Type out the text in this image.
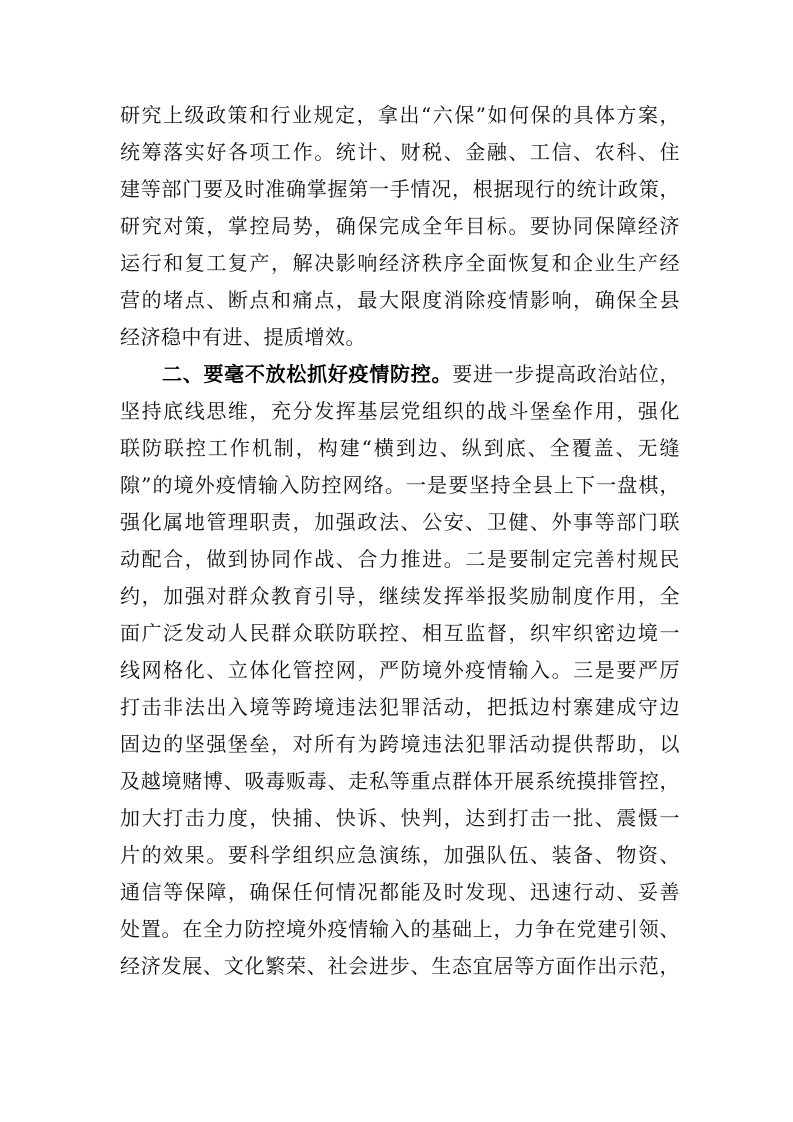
研究上级政策和行业规定，拿出“六保”如何保的具体方案，
统筹落实好各项工作。统计、财税、金融、工信、农科、住
建等部门要及时准确掌握第一手情况，根据现行的统计政策，
研究对策，掌控局势，确保完成全年目标。要协同保障经济
运行和复工复产，解决影响经济秩序全面恢复和企业生产经
营的堵点、断点和痛点，最大限度消除疫情影响，确保全县
经济稳中有进、提质增效。
二、要毫不放松抓好疫情防控。要进一步提高政治站位，
坚持底线思维，充分发挥基层党组织的战斗堡垒作用，强化
联防联控工作机制，构建“横到边、纵到底、全覆盖、无缝
隙”的境外疫情输入防控网络。一是要坚持全县上下一盘棋，
强化属地管理职责，加强政法、公安、卫健、外事等部门联
动配合，做到协同作战、合力推进。二是要制定完善村规民
约，加强对群众教育引导，继续发挥举报奖励制度作用，全
面广泛发动人民群众联防联控、相互监督，织牢织密边境一
线网格化、立体化管控网，严防境外疫情输入。三是要严厉
打击非法出入境等跨境违法犯罪活动，把抵边村寨建成守边
固边的坚强堡垒，对所有为跨境违法犯罪活动提供帮助，以
及越境赌博、吸毒贩毒、走私等重点群体开展系统摸排管控，
加大打击力度，快捕、快诉、快判，达到打击一批、震慑一
片的效果。要科学组织应急演练，加强队伍、装备、物资、
通信等保障，确保任何情况都能及时发现、迅速行动、妥善
处置。在全力防控境外疫情输入的基础上，力争在党建引领、
经济发展、文化繁荣、社会进步、生态宜居等方面作出示范，
